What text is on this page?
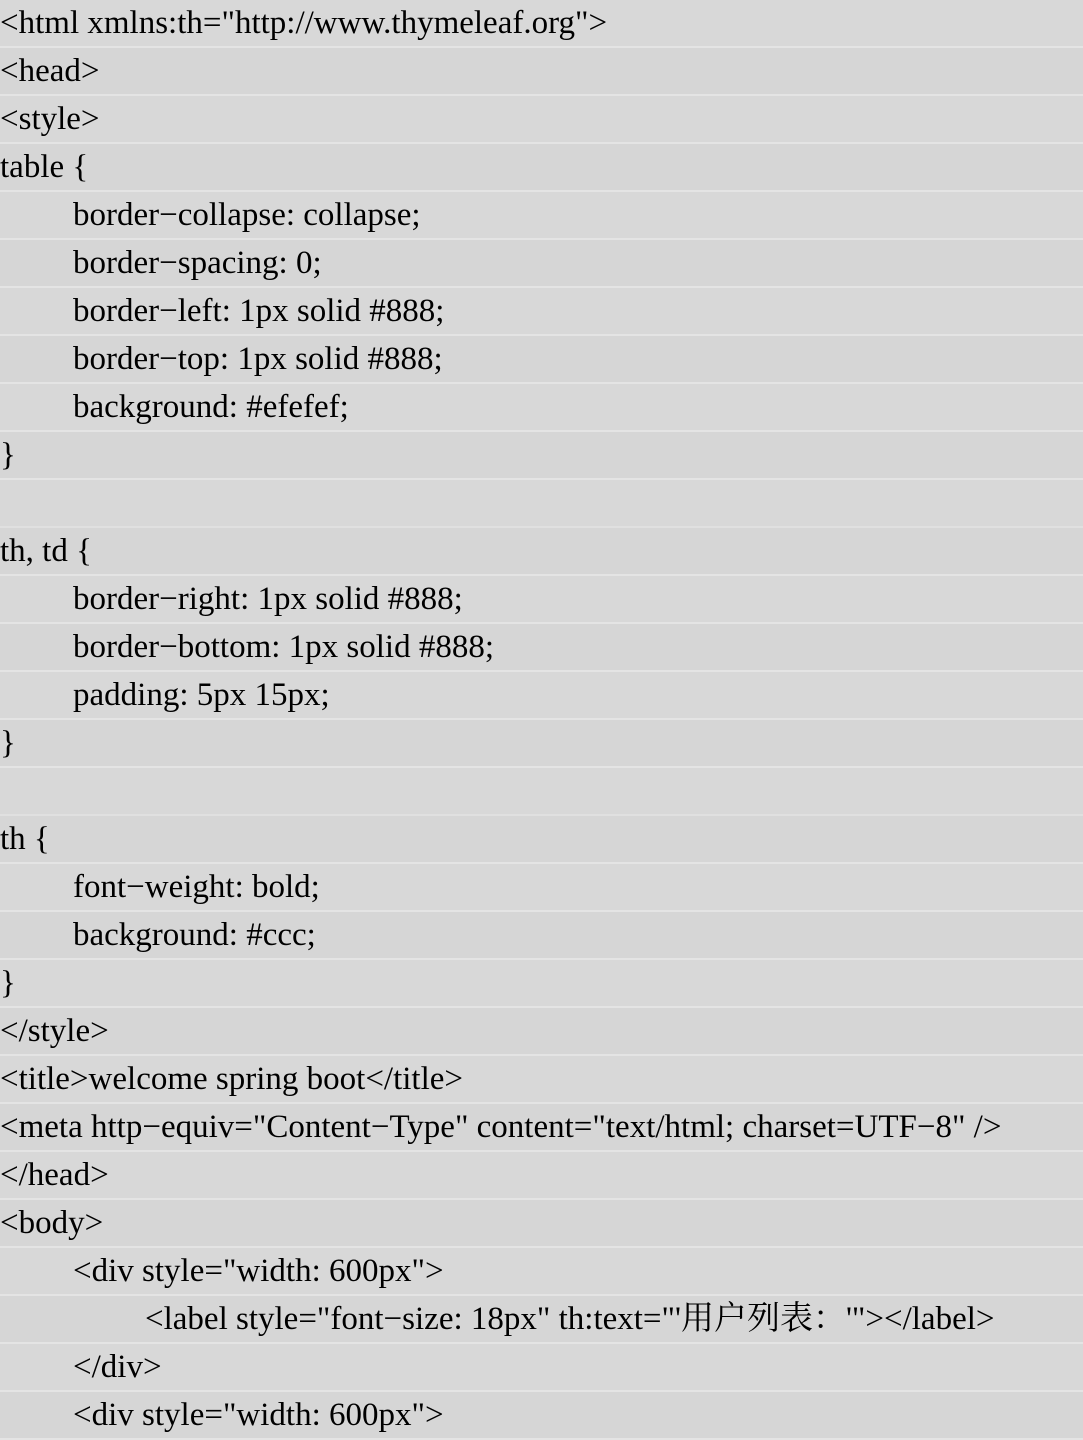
<html xmlns:th="http://www.thymeleaf.org">
<head>
<style>
table {
border−collapse: collapse;
border−spacing: 0;
border−left: 1px solid #888;
border−top: 1px solid #888;
background: #efefef;
}
th, td {
border−right: 1px solid #888;
border−bottom: 1px solid #888;
padding: 5px 15px;
}
th {
font−weight: bold;
background: #ccc;
}
</style>
<title>welcome spring boot</title>
<meta http−equiv="Content−Type" content="text/html; charset=UTF−8" />
</head>
<body>
<div style="width: 600px">
<label style="font−size: 18px" th:text="'用户列表：'"></label>
</div>
<div style="width: 600px">
